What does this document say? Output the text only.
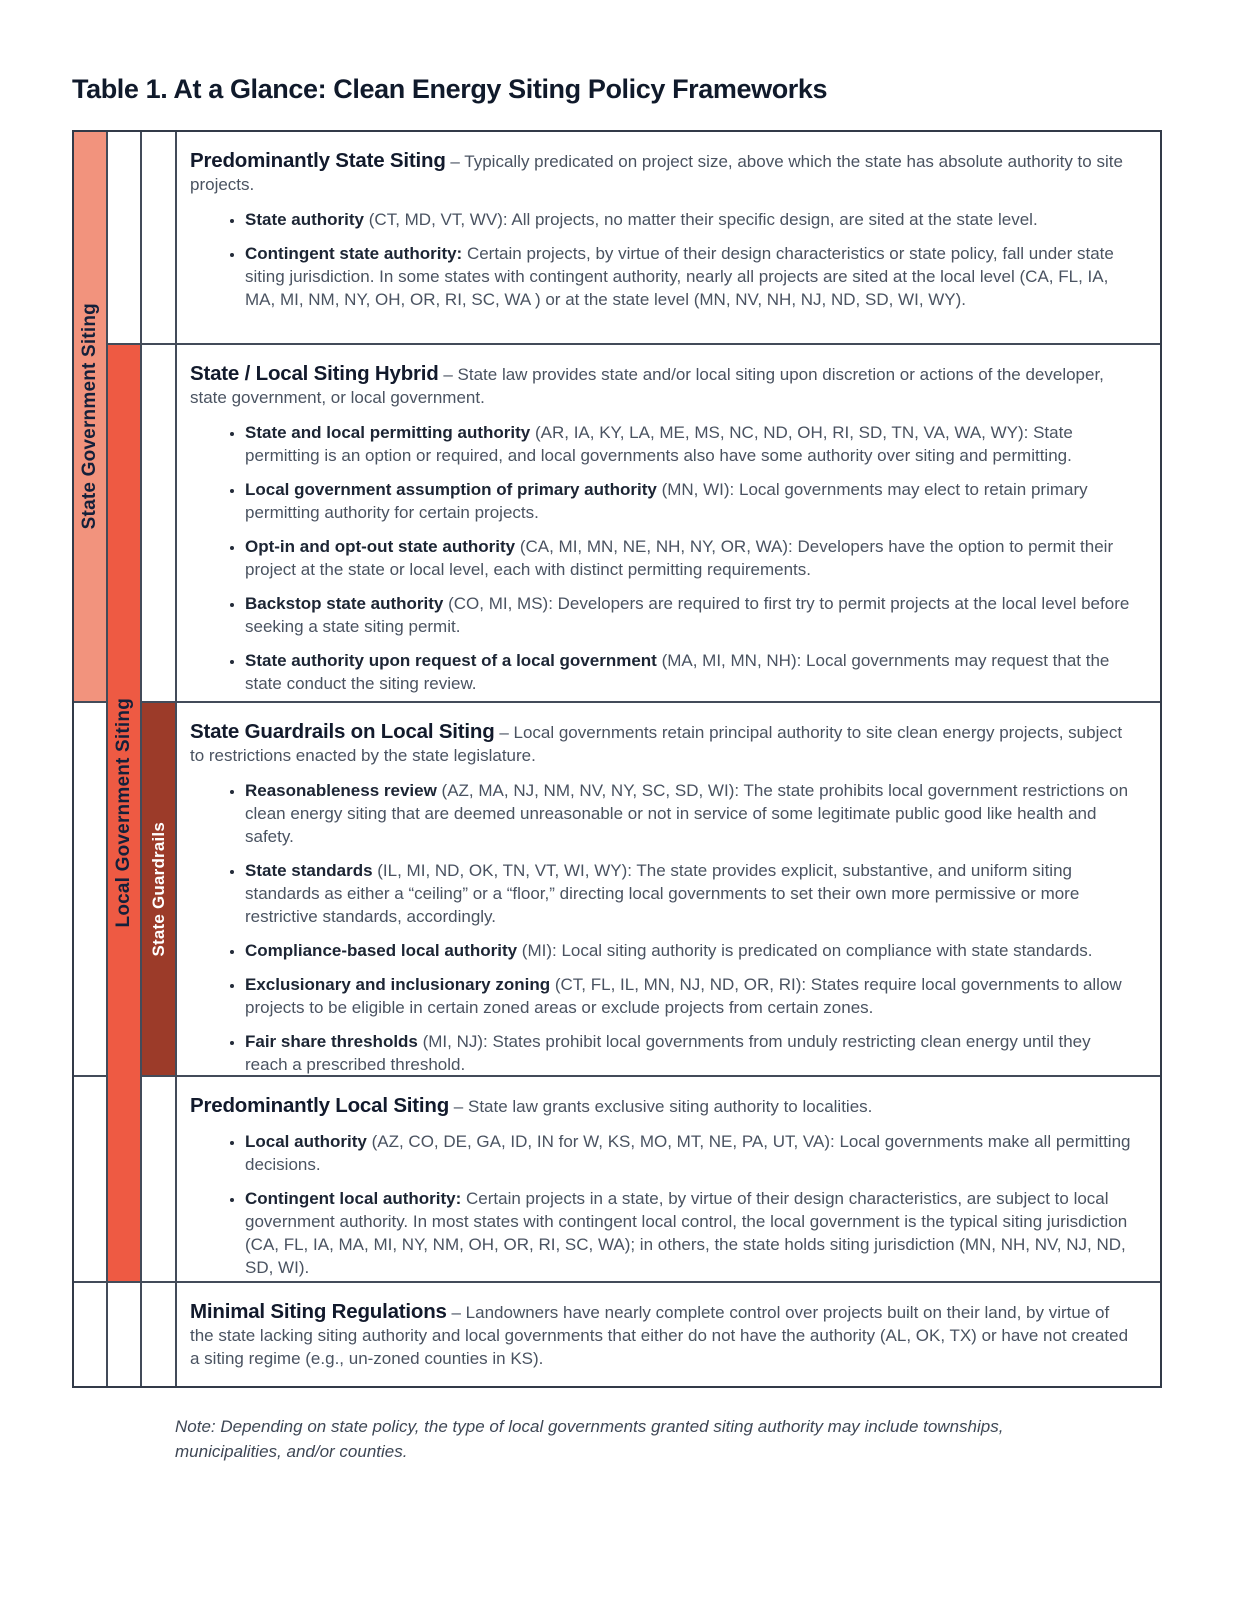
Table 1. At a Glance: Clean Energy Siting Policy Frameworks
State Government Siting
Local Government Siting State Guardrails

Predominantly State Siting – Typically predicated on project size, above which the state has absolute authority to site projects.

• State authority (CT, MD, VT, WV): All projects, no matter their specific design, are sited at the state level.
• Contingent state authority: Certain projects, by virtue of their design characteristics or state policy, fall under state siting jurisdiction. In some states with contingent authority, nearly all projects are sited at the local level (CA, FL, IA, MA, MI, NM, NY, OH, OR, RI, SC, WA ) or at the state level (MN, NV, NH, NJ, ND, SD, WI, WY).

State / Local Siting Hybrid – State law provides state and/or local siting upon discretion or actions of the developer, state government, or local government.

• State and local permitting authority (AR, IA, KY, LA, ME, MS, NC, ND, OH, RI, SD, TN, VA, WA, WY): State permitting is an option or required, and local governments also have some authority over siting and permitting.
• Local government assumption of primary authority (MN, WI): Local governments may elect to retain primary permitting authority for certain projects.
• Opt-in and opt-out state authority (CA, MI, MN, NE, NH, NY, OR, WA): Developers have the option to permit their project at the state or local level, each with distinct permitting requirements.
• Backstop state authority (CO, MI, MS): Developers are required to first try to permit projects at the local level before seeking a state siting permit.
• State authority upon request of a local government (MA, MI, MN, NH): Local governments may request that the state conduct the siting review.

State Guardrails on Local Siting – Local governments retain principal authority to site clean energy projects, subject to restrictions enacted by the state legislature.

• Reasonableness review (AZ, MA, NJ, NM, NV, NY, SC, SD, WI): The state prohibits local government restrictions on clean energy siting that are deemed unreasonable or not in service of some legitimate public good like health and safety.
• State standards (IL, MI, ND, OK, TN, VT, WI, WY): The state provides explicit, substantive, and uniform siting standards as either a “ceiling” or a “floor,” directing local governments to set their own more permissive or more restrictive standards, accordingly.
• Compliance-based local authority (MI): Local siting authority is predicated on compliance with state standards.
• Exclusionary and inclusionary zoning (CT, FL, IL, MN, NJ, ND, OR, RI): States require local governments to allow projects to be eligible in certain zoned areas or exclude projects from certain zones.
• Fair share thresholds (MI, NJ): States prohibit local governments from unduly restricting clean energy until they reach a prescribed threshold.

Predominantly Local Siting – State law grants exclusive siting authority to localities.

• Local authority (AZ, CO, DE, GA, ID, IN for W, KS, MO, MT, NE, PA, UT, VA): Local governments make all permitting decisions.
• Contingent local authority: Certain projects in a state, by virtue of their design characteristics, are subject to local government authority. In most states with contingent local control, the local government is the typical siting jurisdiction (CA, FL, IA, MA, MI, NY, NM, OH, OR, RI, SC, WA); in others, the state holds siting jurisdiction (MN, NH, NV, NJ, ND, SD, WI).

Minimal Siting Regulations – Landowners have nearly complete control over projects built on their land, by virtue of the state lacking siting authority and local governments that either do not have the authority (AL, OK, TX) or have not created a siting regime (e.g., un-zoned counties in KS).

Note: Depending on state policy, the type of local governments granted siting authority may include townships, municipalities, and/or counties.
